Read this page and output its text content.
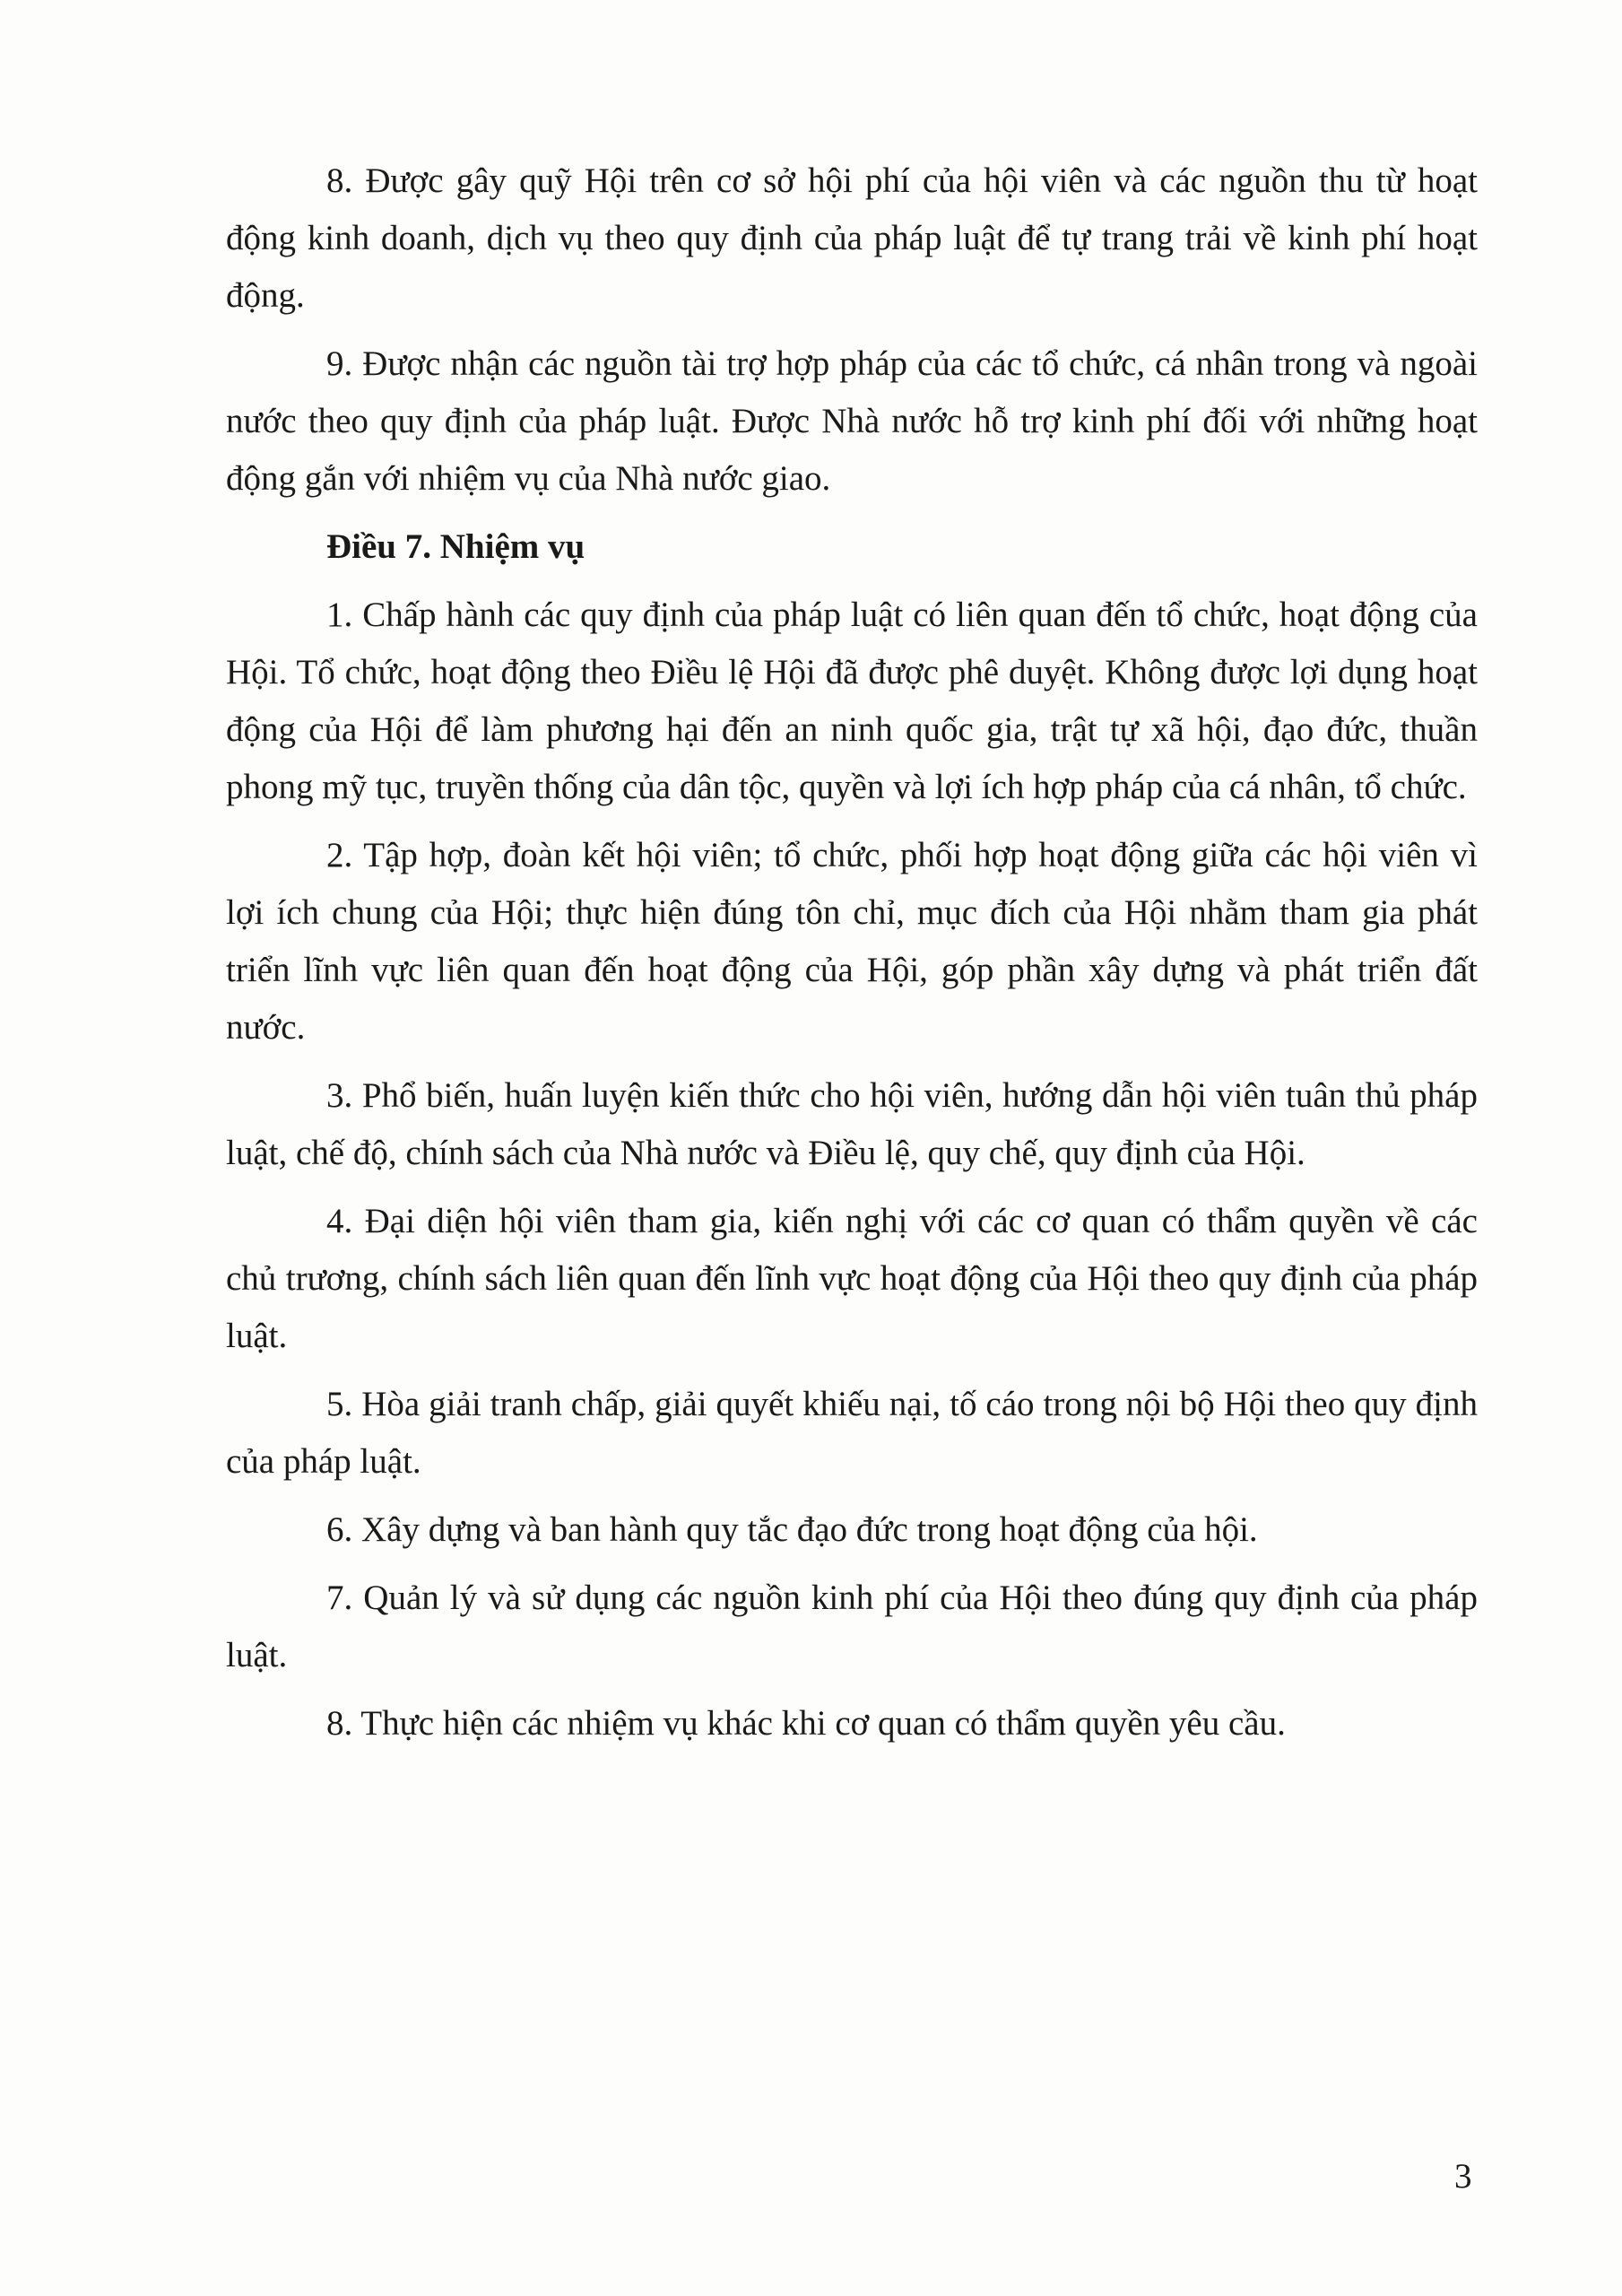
8. Được gây quỹ Hội trên cơ sở hội phí của hội viên và các nguồn thu từ hoạt động kinh doanh, dịch vụ theo quy định của pháp luật để tự trang trải về kinh phí hoạt động.

9. Được nhận các nguồn tài trợ hợp pháp của các tổ chức, cá nhân trong và ngoài nước theo quy định của pháp luật. Được Nhà nước hỗ trợ kinh phí đối với những hoạt động gắn với nhiệm vụ của Nhà nước giao.

Điều 7. Nhiệm vụ

1. Chấp hành các quy định của pháp luật có liên quan đến tổ chức, hoạt động của Hội. Tổ chức, hoạt động theo Điều lệ Hội đã được phê duyệt. Không được lợi dụng hoạt động của Hội để làm phương hại đến an ninh quốc gia, trật tự xã hội, đạo đức, thuần phong mỹ tục, truyền thống của dân tộc, quyền và lợi ích hợp pháp của cá nhân, tổ chức.

2. Tập hợp, đoàn kết hội viên; tổ chức, phối hợp hoạt động giữa các hội viên vì lợi ích chung của Hội; thực hiện đúng tôn chỉ, mục đích của Hội nhằm tham gia phát triển lĩnh vực liên quan đến hoạt động của Hội, góp phần xây dựng và phát triển đất nước.

3. Phổ biến, huấn luyện kiến thức cho hội viên, hướng dẫn hội viên tuân thủ pháp luật, chế độ, chính sách của Nhà nước và Điều lệ, quy chế, quy định của Hội.

4. Đại diện hội viên tham gia, kiến nghị với các cơ quan có thẩm quyền về các chủ trương, chính sách liên quan đến lĩnh vực hoạt động của Hội theo quy định của pháp luật.

5. Hòa giải tranh chấp, giải quyết khiếu nại, tố cáo trong nội bộ Hội theo quy định của pháp luật.

6. Xây dựng và ban hành quy tắc đạo đức trong hoạt động của hội.

7. Quản lý và sử dụng các nguồn kinh phí của Hội theo đúng quy định của pháp luật.

8. Thực hiện các nhiệm vụ khác khi cơ quan có thẩm quyền yêu cầu.

3
